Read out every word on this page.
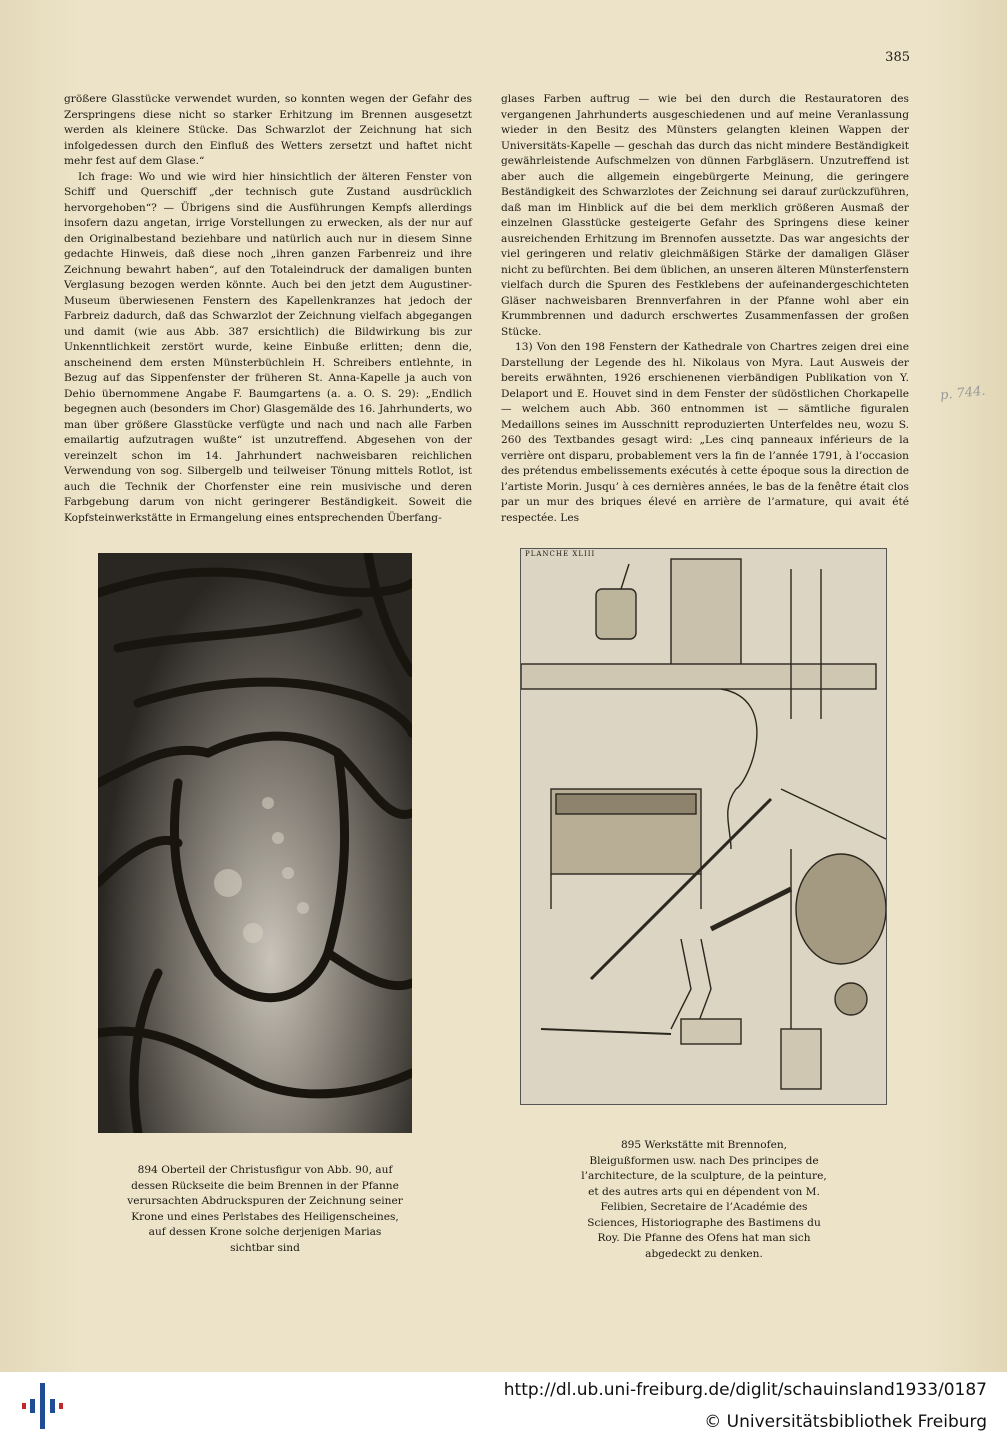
385

größere Glasstücke verwendet wurden, so konnten wegen der Gefahr des Zerspringens diese nicht so starker Erhitzung im Brennen ausgesetzt werden als kleinere Stücke. Das Schwarzlot der Zeichnung hat sich infolgedessen durch den Einfluß des Wetters zersetzt und haftet nicht mehr fest auf dem Glase.“

Ich frage: Wo und wie wird hier hinsichtlich der älteren Fenster von Schiff und Querschiff „der technisch gute Zustand ausdrücklich hervorgehoben“? — Übrigens sind die Ausführungen Kempfs allerdings insofern dazu angetan, irrige Vorstellungen zu erwecken, als der nur auf den Originalbestand beziehbare und natürlich auch nur in diesem Sinne gedachte Hinweis, daß diese noch „ihren ganzen Farbenreiz und ihre Zeichnung bewahrt haben“, auf den Totaleindruck der damaligen bunten Verglasung bezogen werden könnte. Auch bei den jetzt dem Augustiner-Museum überwiesenen Fenstern des Kapellenkranzes hat jedoch der Farbreiz dadurch, daß das Schwarzlot der Zeichnung vielfach abgegangen und damit (wie aus Abb. 387 ersichtlich) die Bildwirkung bis zur Unkenntlichkeit zerstört wurde, keine Einbuße erlitten; denn die, anscheinend dem ersten Münsterbüchlein H. Schreibers entlehnte, in Bezug auf das Sippenfenster der früheren St. Anna-Kapelle ja auch von Dehio übernommene Angabe F. Baumgartens (a. a. O. S. 29): „Endlich begegnen auch (besonders im Chor) Glasgemälde des 16. Jahrhunderts, wo man über größere Glasstücke verfügte und nach und nach alle Farben emailartig aufzutragen wußte“ ist unzutreffend. Abgesehen von der vereinzelt schon im 14. Jahrhundert nachweisbaren reichlichen Verwendung von sog. Silbergelb und teilweiser Tönung mittels Rotlot, ist auch die Technik der Chorfenster eine rein musivische und deren Farbgebung darum von nicht geringerer Beständigkeit. Soweit die Kopfsteinwerkstätte in Ermangelung eines entsprechenden Überfang-

glases Farben auftrug — wie bei den durch die Restauratoren des vergangenen Jahrhunderts ausgeschiedenen und auf meine Veranlassung wieder in den Besitz des Münsters gelangten kleinen Wappen der Universitäts-Kapelle — geschah das durch das nicht mindere Beständigkeit gewährleistende Aufschmelzen von dünnen Farbgläsern. Unzutreffend ist aber auch die allgemein eingebürgerte Meinung, die geringere Beständigkeit des Schwarzlotes der Zeichnung sei darauf zurückzuführen, daß man im Hinblick auf die bei dem merklich größeren Ausmaß der einzelnen Glasstücke gesteigerte Gefahr des Springens diese keiner ausreichenden Erhitzung im Brennofen aussetzte. Das war angesichts der viel geringeren und relativ gleichmäßigen Stärke der damaligen Gläser nicht zu befürchten. Bei dem üblichen, an unseren älteren Münsterfenstern vielfach durch die Spuren des Festklebens der aufeinandergeschichteten Gläser nachweisbaren Brennverfahren in der Pfanne wohl aber ein Krummbrennen und dadurch erschwertes Zusammenfassen der großen Stücke.

13) Von den 198 Fenstern der Kathedrale von Chartres zeigen drei eine Darstellung der Legende des hl. Nikolaus von Myra. Laut Ausweis der bereits erwähnten, 1926 erschienenen vierbändigen Publikation von Y. Delaport und E. Houvet sind in dem Fenster der südöstlichen Chorkapelle — welchem auch Abb. 360 entnommen ist — sämtliche figuralen Medaillons seines im Ausschnitt reproduzierten Unterfeldes neu, wozu S. 260 des Textbandes gesagt wird: „Les cinq panneaux inférieurs de la verrière ont disparu, probablement vers la fin de l’année 1791, à l’occasion des prétendus embelissements exécutés à cette époque sous la direction de l’artiste Morin. Jusqu’ à ces dernières années, le bas de la fenêtre était clos par un mur des briques élevé en arrière de l’armature, qui avait été respectée. Les

p. 744.
894 Oberteil der Christusfigur von Abb. 90, auf dessen Rückseite die beim Brennen in der Pfanne verursachten Abdruckspuren der Zeichnung seiner Krone und eines Perlstabes des Heiligenscheines, auf dessen Krone solche derjenigen Marias sichtbar sind
PLANCHE XLIII
895 Werkstätte mit Brennofen, Bleigußformen usw. nach Des principes de l’architecture, de la sculpture, de la peinture, et des autres arts qui en dépendent von M. Felibien, Secretaire de l’Académie des Sciences, Historiographe des Bastimens du Roy. Die Pfanne des Ofens hat man sich abgedeckt zu denken.
http://dl.ub.uni-freiburg.de/diglit/schauinsland1933/0187
© Universitätsbibliothek Freiburg
